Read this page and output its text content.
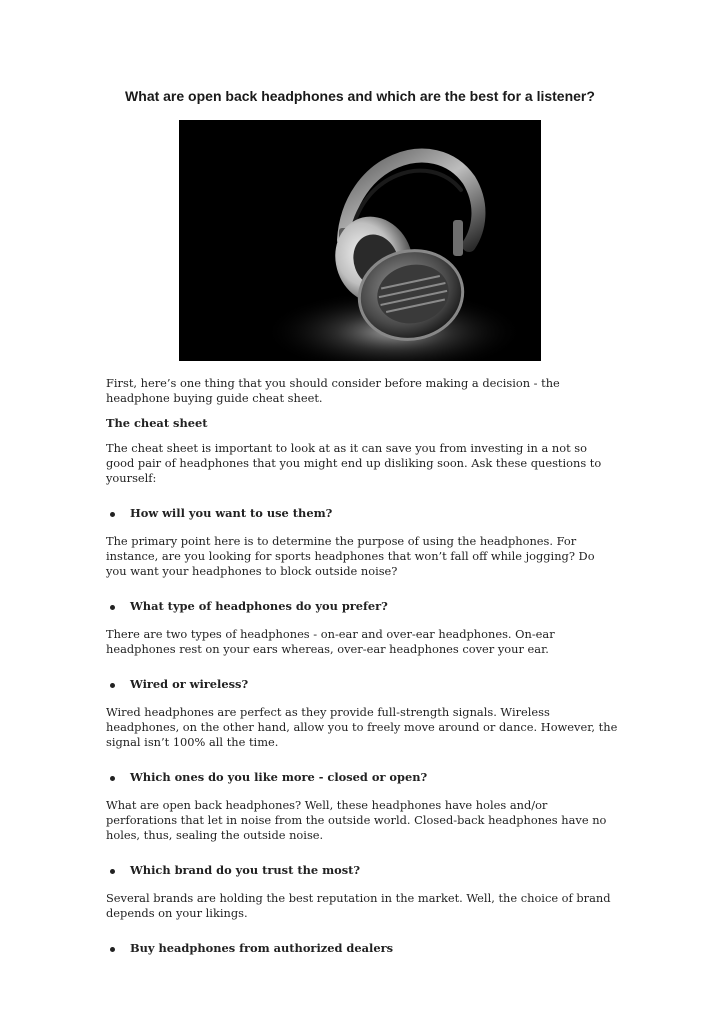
What are open back headphones and which are the best for a listener?

First, here’s one thing that you should consider before making a decision - the headphone buying guide cheat sheet.

The cheat sheet

The cheat sheet is important to look at as it can save you from investing in a not so good pair of headphones that you might end up disliking soon. Ask these questions to yourself:

How will you want to use them?

The primary point here is to determine the purpose of using the headphones. For instance, are you looking for sports headphones that won’t fall off while jogging? Do you want your headphones to block outside noise?

What type of headphones do you prefer?

There are two types of headphones - on-ear and over-ear headphones. On-ear headphones rest on your ears whereas, over-ear headphones cover your ear.

Wired or wireless?

Wired headphones are perfect as they provide full-strength signals. Wireless headphones, on the other hand, allow you to freely move around or dance. However, the signal isn’t 100% all the time.

Which ones do you like more - closed or open?

What are open back headphones? Well, these headphones have holes and/or perforations that let in noise from the outside world. Closed-back headphones have no holes, thus, sealing the outside noise.

Which brand do you trust the most?

Several brands are holding the best reputation in the market. Well, the choice of brand depends on your likings.

Buy headphones from authorized dealers
